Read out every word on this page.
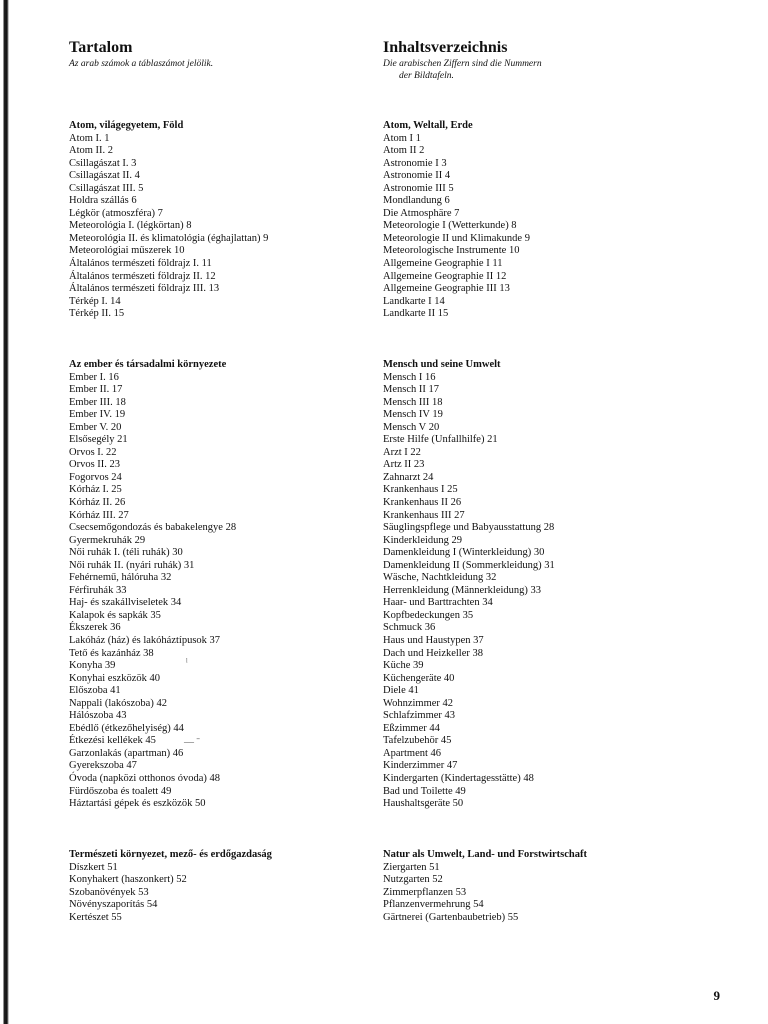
Tartalom

Az arab számok a táblaszámot jelölik.

Atom, világegyetem, Föld
Atom I. 1
Atom II. 2
Csillagászat I. 3
Csillagászat II. 4
Csillagászat III. 5
Holdra szállás 6
Légkör (atmoszféra) 7
Meteorológia I. (légkörtan) 8
Meteorológia II. és klimatológia (éghajlattan) 9
Meteorológiai műszerek 10
Általános természeti földrajz I. 11
Általános természeti földrajz II. 12
Általános természeti földrajz III. 13
Térkép I. 14
Térkép II. 15
Az ember és társadalmi környezete
Ember I. 16
Ember II. 17
Ember III. 18
Ember IV. 19
Ember V. 20
Elsősegély 21
Orvos I. 22
Orvos II. 23
Fogorvos 24
Kórház I. 25
Kórház II. 26
Kórház III. 27
Csecsemőgondozás és babakelengye 28
Gyermekruhák 29
Női ruhák I. (téli ruhák) 30
Női ruhák II. (nyári ruhák) 31
Fehérnemű, hálóruha 32
Férfiruhák 33
Haj- és szakállviseletek 34
Kalapok és sapkák 35
Ékszerek 36
Lakóház (ház) és lakóháztípusok 37
Tető és kazánház 38
Konyha 39
Konyhai eszközök 40
Előszoba 41
Nappali (lakószoba) 42
Hálószoba 43
Ebédlő (étkezőhelyiség) 44
Étkezési kellékek 45
Garzonlakás (apartman) 46
Gyerekszoba 47
Óvoda (napközi otthonos óvoda) 48
Fürdőszoba és toalett 49
Háztartási gépek és eszközök 50
Természeti környezet, mező- és erdőgazdaság
Díszkert 51
Konyhakert (haszonkert) 52
Szobanövények 53
Növényszaporítás 54
Kertészet 55
Inhaltsverzeichnis

Die arabischen Ziffern sind die Nummern

der Bildtafeln.

Atom, Weltall, Erde
Atom I 1
Atom II 2
Astronomie I 3
Astronomie II 4
Astronomie III 5
Mondlandung 6
Die Atmosphäre 7
Meteorologie I (Wetterkunde) 8
Meteorologie II und Klimakunde 9
Meteorologische Instrumente 10
Allgemeine Geographie I 11
Allgemeine Geographie II 12
Allgemeine Geographie III 13
Landkarte I 14
Landkarte II 15
Mensch und seine Umwelt
Mensch I 16
Mensch II 17
Mensch III 18
Mensch IV 19
Mensch V 20
Erste Hilfe (Unfallhilfe) 21
Arzt I 22
Artz II 23
Zahnarzt 24
Krankenhaus I 25
Krankenhaus II 26
Krankenhaus III 27
Säuglingspflege und Babyausstattung 28
Kinderkleidung 29
Damenkleidung I (Winterkleidung) 30
Damenkleidung II (Sommerkleidung) 31
Wäsche, Nachtkleidung 32
Herrenkleidung (Männerkleidung) 33
Haar- und Barttrachten 34
Kopfbedeckungen 35
Schmuck 36
Haus und Haustypen 37
Dach und Heizkeller 38
Küche 39
Küchengeräte 40
Diele 41
Wohnzimmer 42
Schlafzimmer 43
Eßzimmer 44
Tafelzubehör 45
Apartment 46
Kinderzimmer 47
Kindergarten (Kindertagesstätte) 48
Bad und Toilette 49
Haushaltsgeräte 50
Natur als Umwelt, Land- und Forstwirtschaft
Ziergarten 51
Nutzgarten 52
Zimmerpflanzen 53
Pflanzenvermehrung 54
Gärtnerei (Gartenbaubetrieb) 55
ˡ
— ˉ
9
